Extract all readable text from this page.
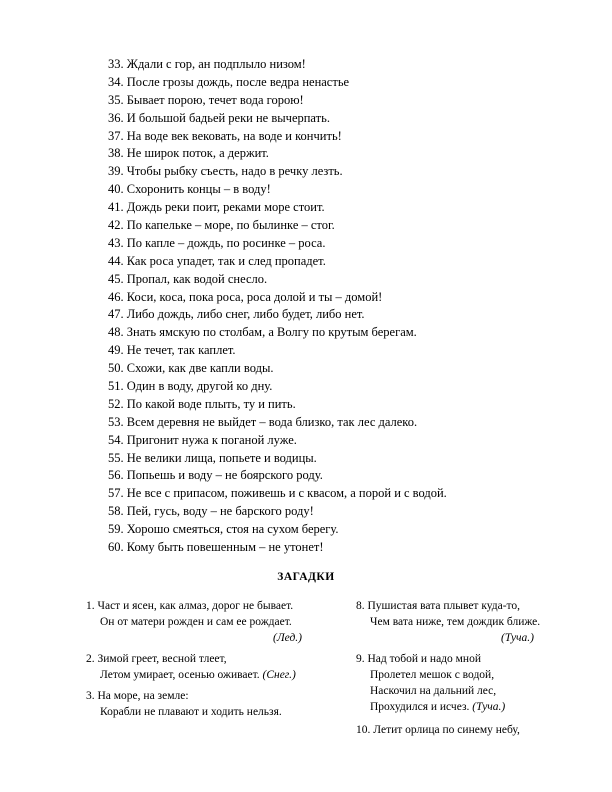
33. Ждали с гор, ан подплыло низом!
34. После грозы дождь, после ведра ненастье
35. Бывает порою, течет вода горою!
36. И большой бадьей реки не вычерпать.
37. На воде век вековать, на воде и кончить!
38. Не широк поток, а держит.
39. Чтобы рыбку съесть, надо в речку лезть.
40. Схоронить концы – в воду!
41. Дождь реки поит, реками море стоит.
42. По капельке – море, по былинке – стог.
43. По капле – дождь, по росинке – роса.
44. Как роса упадет, так и след пропадет.
45. Пропал, как водой снесло.
46. Коси, коса, пока роса, роса долой и ты – домой!
47. Либо дождь, либо снег, либо будет, либо нет.
48. Знать ямскую по столбам, а Волгу по крутым берегам.
49. Не течет, так каплет.
50. Схожи, как две капли воды.
51. Один в воду, другой ко дну.
52. По какой воде плыть, ту и пить.
53. Всем деревня не выйдет – вода близко, так лес далеко.
54. Пригонит нужа к поганой луже.
55. Не велики лища, попьете и водицы.
56. Попьешь и воду – не боярского роду.
57. Не все с припасом, поживешь и с квасом, а порой и с водой.
58. Пей, гусь, воду – не барского роду!
59. Хорошо смеяться, стоя на сухом берегу.
60. Кому быть повешенным – не утонет!
ЗАГАДКИ
1. Част и ясен, как алмаз, дорог не бывает.
Он от матери рожден и сам ее рождает.
(Лед.)
2. Зимой греет, весной тлеет,
Летом умирает, осенью оживает. (Снег.)
3. На море, на земле:
Корабли не плавают и ходить нельзя.
8. Пушистая вата плывет куда-то,
Чем вата ниже, тем дождик ближе.
(Туча.)
9. Над тобой и надо мной
Пролетел мешок с водой,
Наскочил на дальний лес,
Прохудился и исчез. (Туча.)
10. Летит орлица по синему небу,
